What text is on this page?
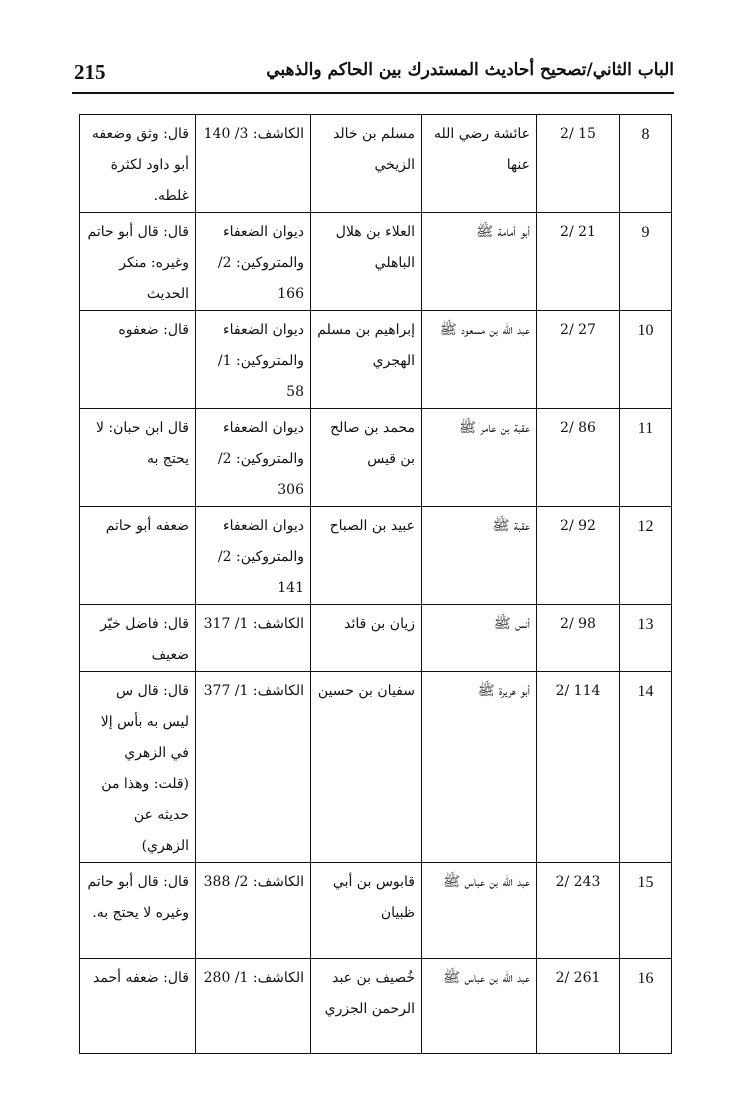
215	الباب الثاني/تصحيح أحاديث المستدرك بين الحاكم والذهبي
8	2/ 15	عائشة رضي الله عنها	مسلم بن خالد الزيخي	الكاشف: 3/ 140	قال: وثق وضعفه أبو داود لكثرة غلطه.
9	2/ 21	أبو أمامة ﷺ	العلاء بن هلال الباهلي	ديوان الضعفاء والمتروكين: 2/ 166	قال: قال أبو حاتم وغيره: منكر الحديث
10	2/ 27	عبد الله بن مسعود ﷺ	إبراهيم بن مسلم الهجري	ديوان الضعفاء والمتروكين: 1/ 58	قال: ضعفوه
11	2/ 86	عقبة بن عامر ﷺ	محمد بن صالح بن قيس	ديوان الضعفاء والمتروكين: 2/ 306	قال ابن حبان: لا يحتج به
12	2/ 92	عقبة ﷺ	عبيد بن الصباح	ديوان الضعفاء والمتروكين: 2/ 141	ضعفه أبو حاتم
13	2/ 98	أنس ﷺ	زيان بن قائد	الكاشف: 1/ 317	قال: فاضل خيّر ضعيف
14	2/ 114	أبو هريرة ﷺ	سفيان بن حسين	الكاشف: 1/ 377	قال: قال س ليس به بأس إلا في الزهري (قلت: وهذا من حديثه عن الزهري)
15	2/ 243	عبد الله بن عباس ﷺ	قابوس بن أبي ظبيان	الكاشف: 2/ 388	قال: قال أبو حاتم وغيره لا يحتج به.
16	2/ 261	عبد الله بن عباس ﷺ	خُصيف بن عبد الرحمن الجزري	الكاشف: 1/ 280	قال: ضعفه أحمد
